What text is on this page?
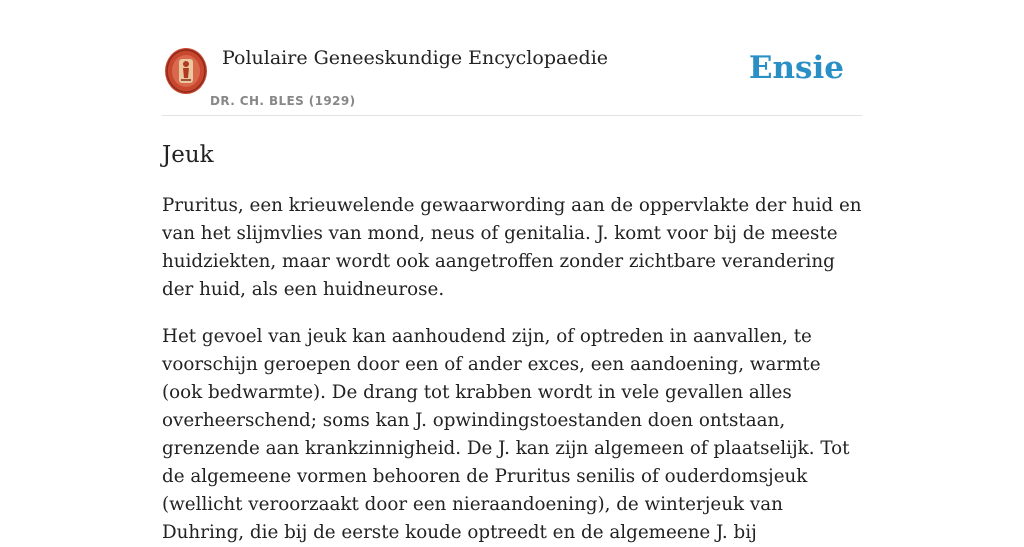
Polulaire Geneeskundige Encyclopaedie
DR. CH. BLES (1929)
Ensie
Jeuk

Pruritus, een krieuwelende gewaarwording aan de oppervlakte der huid en van het slijmvlies van mond, neus of genitalia. J. komt voor bij de meeste huidziekten, maar wordt ook aangetroffen zonder zichtbare verandering der huid, als een huidneurose.

Het gevoel van jeuk kan aanhoudend zijn, of optreden in aanvallen, te voorschijn geroepen door een of ander exces, een aandoening, warmte (ook bedwarmte). De drang tot krabben wordt in vele gevallen alles overheerschend; soms kan J. opwindingstoestanden doen ontstaan, grenzende aan krankzinnigheid. De J. kan zijn algemeen of plaatselijk. Tot de algemeene vormen behooren de Pruritus senilis of ouderdomsjeuk (wellicht veroorzaakt door een nieraandoening), de winterjeuk van Duhring, die bij de eerste koude optreedt en de algemeene J. bij
